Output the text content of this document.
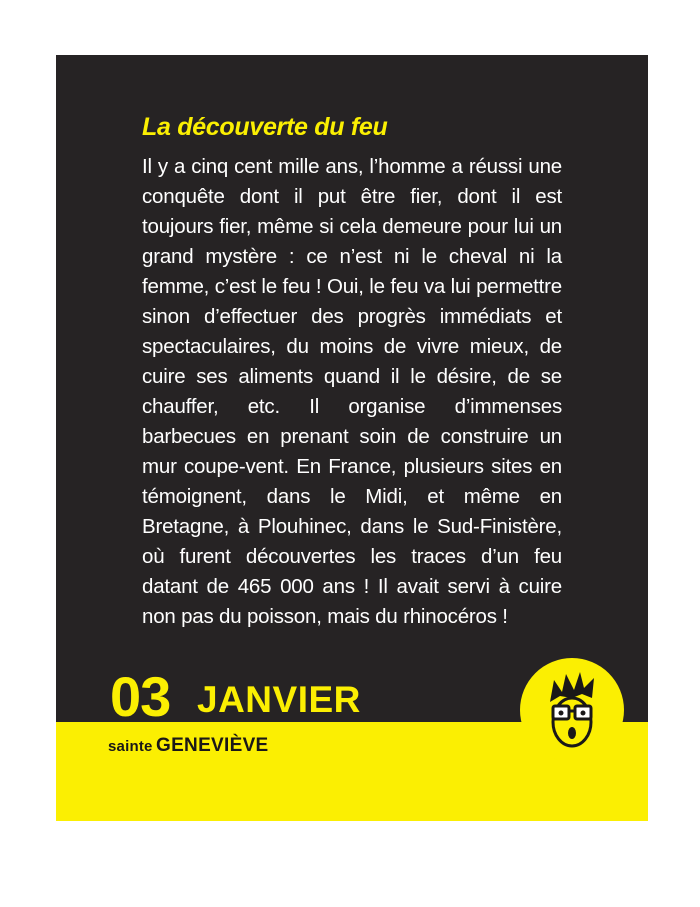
La découverte du feu

Il y a cinq cent mille ans, l’homme a réussi une conquête dont il put être fier, dont il est toujours fier, même si cela demeure pour lui un grand mystère : ce n’est ni le cheval ni la femme, c’est le feu ! Oui, le feu va lui permettre sinon d’effectuer des progrès immédiats et spectaculaires, du moins de vivre mieux, de cuire ses aliments quand il le désire, de se chauffer, etc. Il organise d’immenses barbecues en prenant soin de construire un mur coupe-vent. En France, plusieurs sites en témoignent, dans le Midi, et même en Bretagne, à Plouhinec, dans le Sud-Finistère, où furent découvertes les traces d’un feu datant de 465 000 ans ! Il avait servi à cuire non pas du poisson, mais du rhinocéros !

03 JANVIER
sainte GENEVIÈVE
